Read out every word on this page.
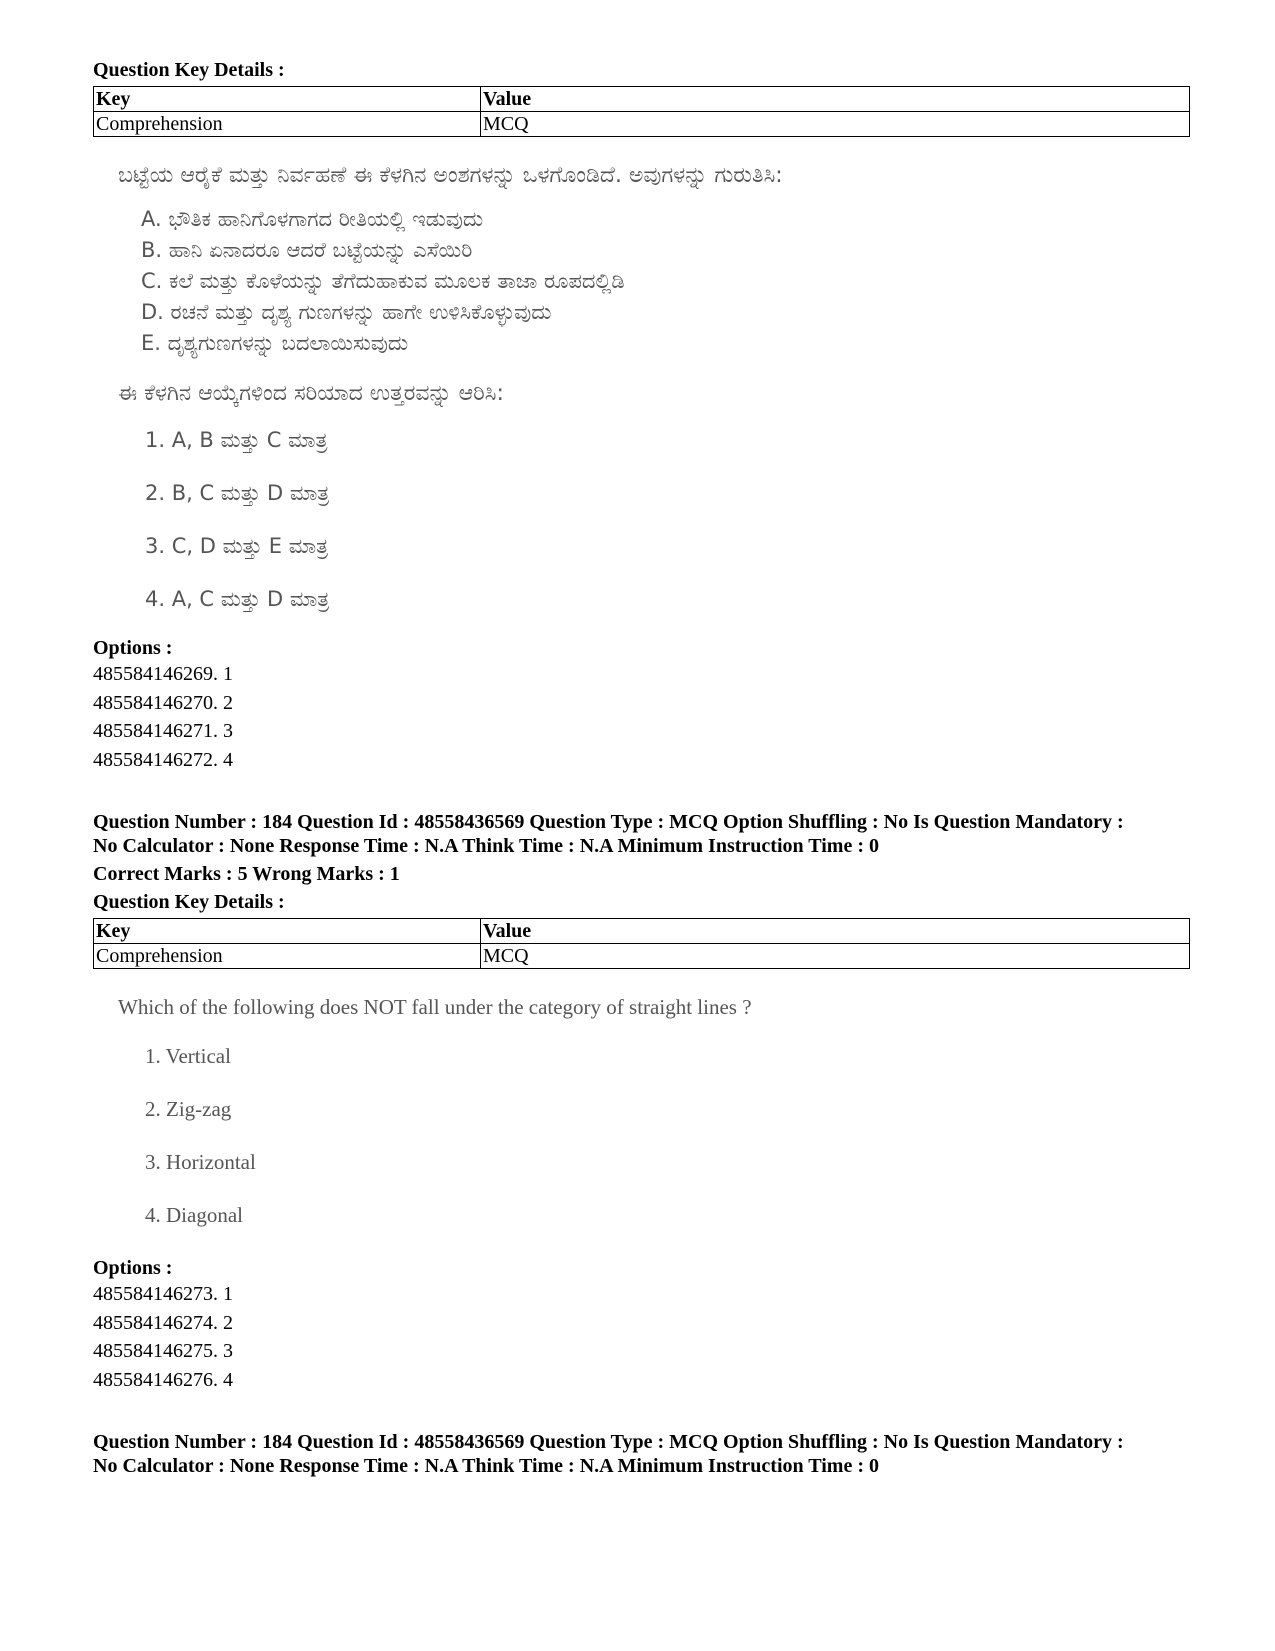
Question Key Details :
Key	Value
Comprehension	MCQ
ಬಟ್ಟೆಯ ಆರೈಕೆ ಮತ್ತು ನಿರ್ವಹಣೆ ಈ ಕೆಳಗಿನ ಅಂಶಗಳನ್ನು ಒಳಗೊಂಡಿದೆ. ಅವುಗಳನ್ನು ಗುರುತಿಸಿ:
A. ಭೌತಿಕ ಹಾನಿಗೊಳಗಾಗದ ರೀತಿಯಲ್ಲಿ ಇಡುವುದು
B. ಹಾನಿ ಏನಾದರೂ ಆದರೆ ಬಟ್ಟೆಯನ್ನು ಎಸೆಯಿರಿ
C. ಕಲೆ ಮತ್ತು ಕೊಳೆಯನ್ನು ತೆಗೆದುಹಾಕುವ ಮೂಲಕ ತಾಜಾ ರೂಪದಲ್ಲಿಡಿ
D. ರಚನೆ ಮತ್ತು ದೃಶ್ಯ ಗುಣಗಳನ್ನು ಹಾಗೇ ಉಳಿಸಿಕೊಳ್ಳುವುದು
E. ದೃಶ್ಯಗುಣಗಳನ್ನು ಬದಲಾಯಿಸುವುದು
ಈ ಕೆಳಗಿನ ಆಯ್ಕೆಗಳಿಂದ ಸರಿಯಾದ ಉತ್ತರವನ್ನು ಆರಿಸಿ:
1. A, B ಮತ್ತು C ಮಾತ್ರ
2. B, C ಮತ್ತು D ಮಾತ್ರ
3. C, D ಮತ್ತು E ಮಾತ್ರ
4. A, C ಮತ್ತು D ಮಾತ್ರ
Options :
485584146269. 1
485584146270. 2
485584146271. 3
485584146272. 4
Question Number : 184 Question Id : 48558436569 Question Type : MCQ Option Shuffling : No Is Question Mandatory :
No Calculator : None Response Time : N.A Think Time : N.A Minimum Instruction Time : 0
Correct Marks : 5 Wrong Marks : 1
Question Key Details :
Key	Value
Comprehension	MCQ
Which of the following does NOT fall under the category of straight lines ?
1. Vertical
2. Zig-zag
3. Horizontal
4. Diagonal
Options :
485584146273. 1
485584146274. 2
485584146275. 3
485584146276. 4
Question Number : 184 Question Id : 48558436569 Question Type : MCQ Option Shuffling : No Is Question Mandatory :
No Calculator : None Response Time : N.A Think Time : N.A Minimum Instruction Time : 0
